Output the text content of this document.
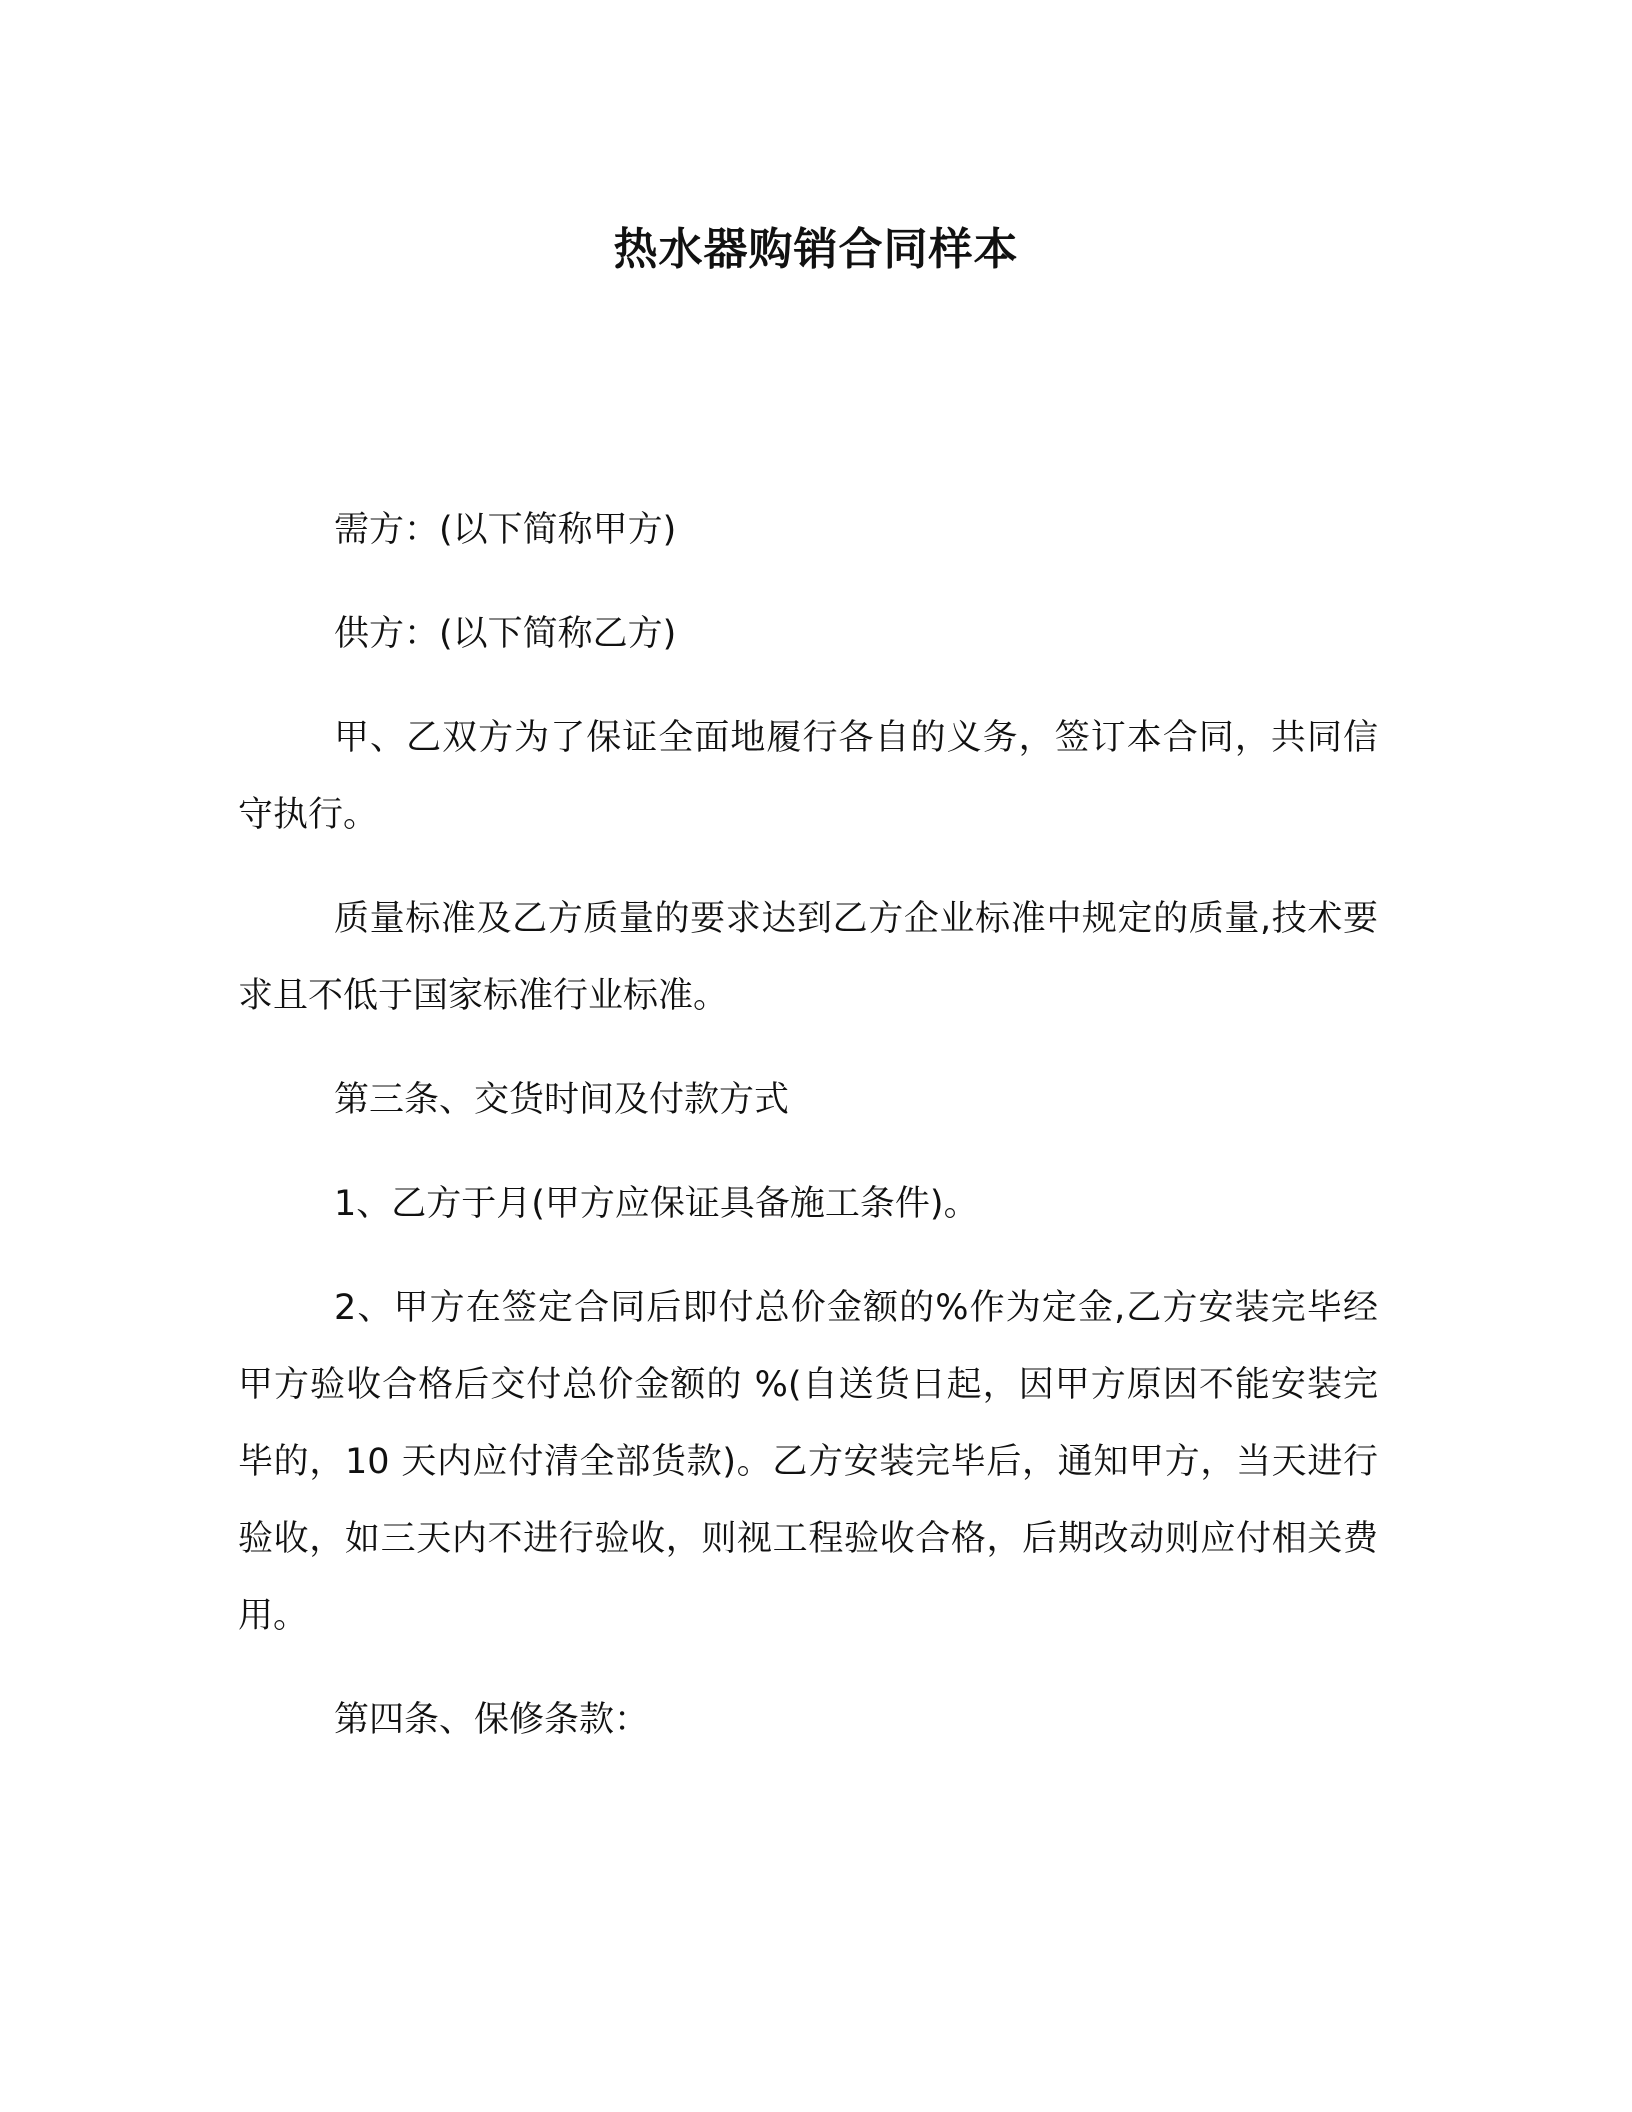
热水器购销合同样本

需方：(以下简称甲方)

供方：(以下简称乙方)

甲、乙双方为了保证全面地履行各自的义务，签订本合同，共同信守执行。

质量标准及乙方质量的要求达到乙方企业标准中规定的质量,技术要求且不低于国家标准行业标准。

第三条、交货时间及付款方式

1、乙方于月(甲方应保证具备施工条件)。

2、甲方在签定合同后即付总价金额的%作为定金,乙方安装完毕经甲方验收合格后交付总价金额的 %(自送货日起，因甲方原因不能安装完毕的，10 天内应付清全部货款)。乙方安装完毕后，通知甲方，当天进行验收，如三天内不进行验收，则视工程验收合格，后期改动则应付相关费用。

第四条、保修条款：
